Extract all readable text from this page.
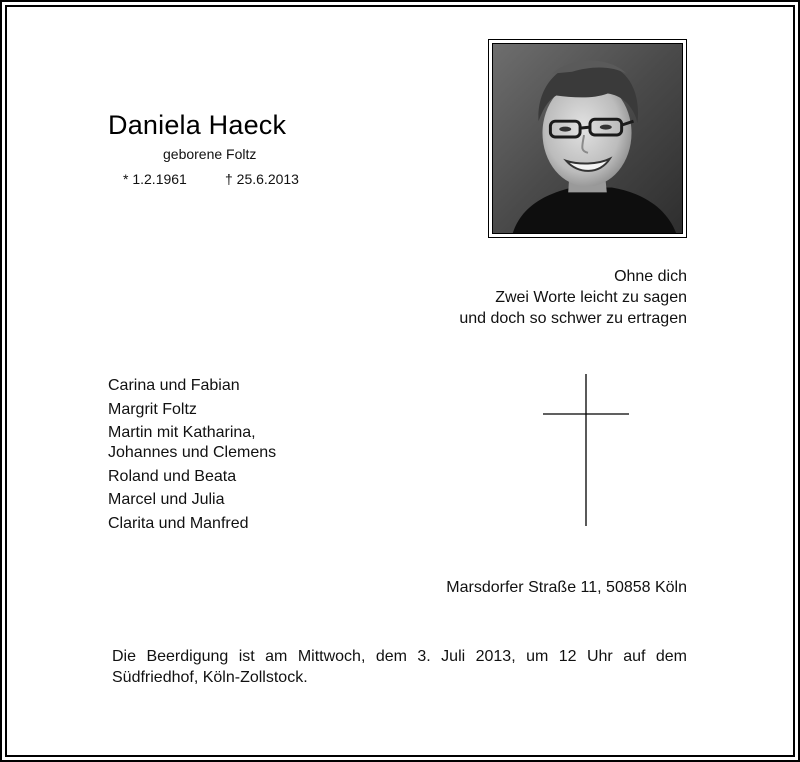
Daniela Haeck
geborene Foltz
* 1.2.1961	† 25.6.2013
Ohne dich
Zwei Worte leicht zu sagen
und doch so schwer zu ertragen
Carina und Fabian
Margrit Foltz
Martin mit Katharina,
Johannes und Clemens
Roland und Beata
Marcel und Julia
Clarita und Manfred
Marsdorfer Straße 11, 50858 Köln
Die Beerdigung ist am Mittwoch, dem 3. Juli 2013, um 12 Uhr auf dem Südfriedhof, Köln-Zollstock.
